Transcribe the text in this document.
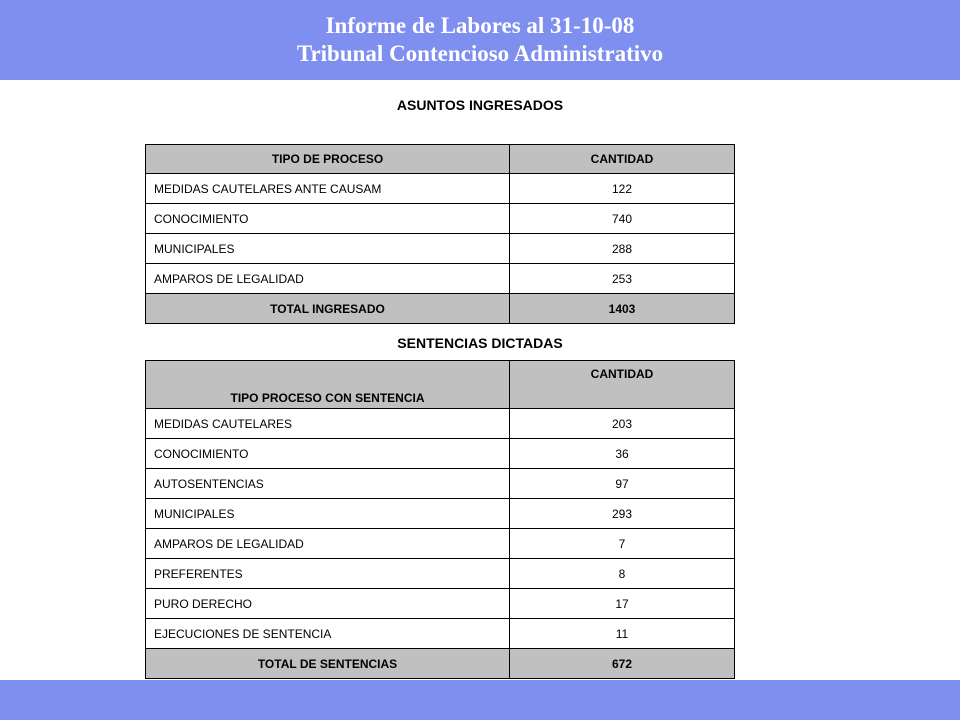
Informe de Labores al 31-10-08
Tribunal Contencioso Administrativo
ASUNTOS INGRESADOS
TIPO DE PROCESO	CANTIDAD
MEDIDAS CAUTELARES ANTE CAUSAM	122
CONOCIMIENTO	740
MUNICIPALES	288
AMPAROS DE LEGALIDAD	253
TOTAL INGRESADO	1403
SENTENCIAS DICTADAS
TIPO PROCESO CON SENTENCIA	CANTIDAD
MEDIDAS CAUTELARES	203
CONOCIMIENTO	36
AUTOSENTENCIAS	97
MUNICIPALES	293
AMPAROS DE LEGALIDAD	7
PREFERENTES	8
PURO DERECHO	17
EJECUCIONES DE SENTENCIA	11
TOTAL DE SENTENCIAS	672
